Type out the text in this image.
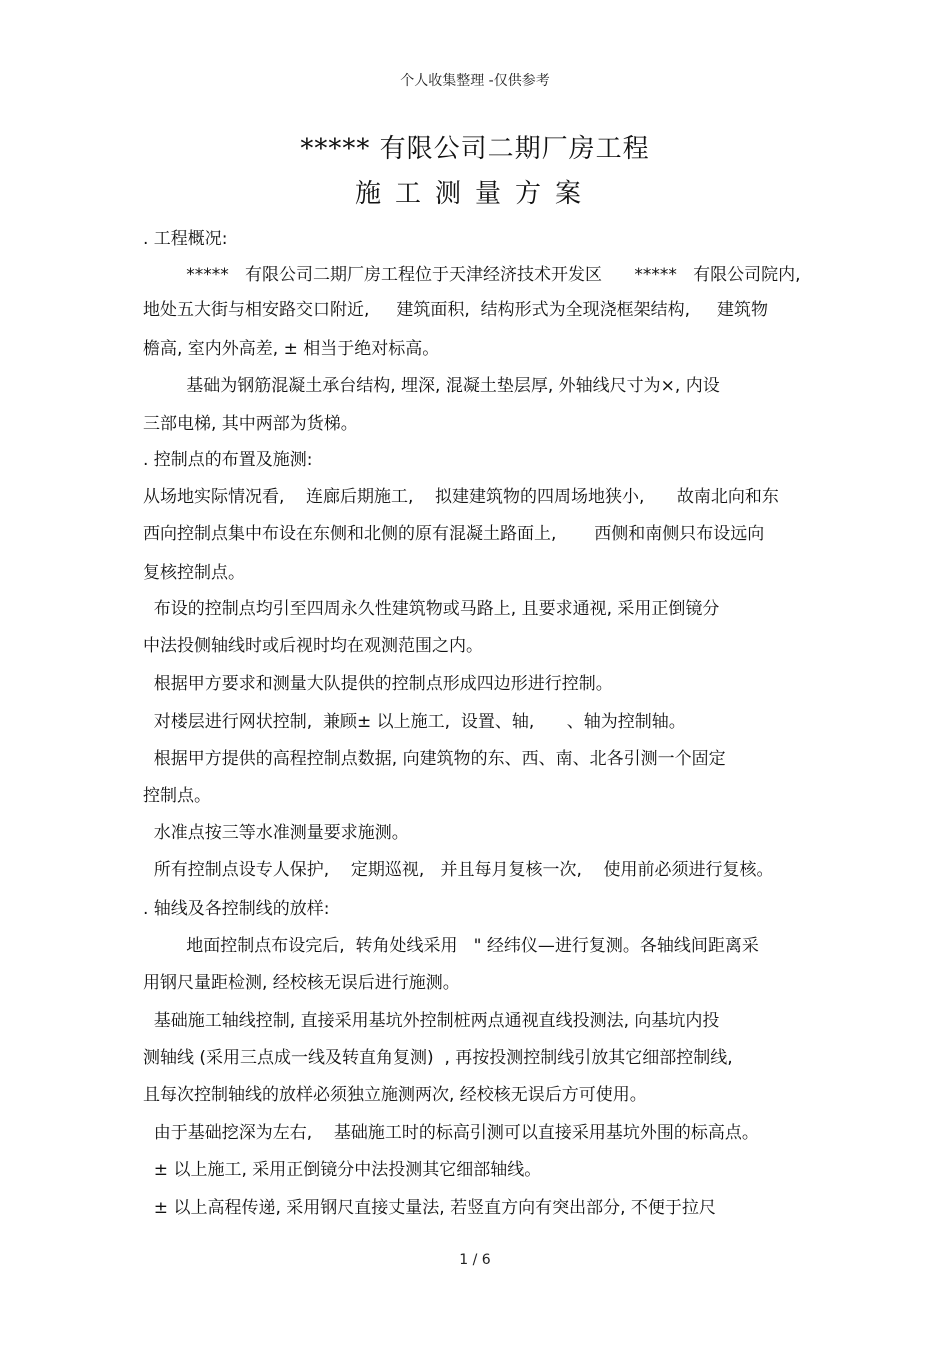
个人收集整理 -仅供参考
***** 有限公司二期厂房工程
施工测量方案
. 工程概况:
*****   有限公司二期厂房工程位于天津经济技术开发区      *****   有限公司院内,
地处五大街与相安路交口附近,     建筑面积,  结构形式为全现浇框架结构,     建筑物
檐高, 室内外高差, ± 相当于绝对标高。
基础为钢筋混凝土承台结构, 埋深, 混凝土垫层厚, 外轴线尺寸为×, 内设
三部电梯, 其中两部为货梯。
. 控制点的布置及施测:
从场地实际情况看,    连廊后期施工,    拟建建筑物的四周场地狭小,      故南北向和东
西向控制点集中布设在东侧和北侧的原有混凝土路面上,       西侧和南侧只布设远向
复核控制点。
布设的控制点均引至四周永久性建筑物或马路上, 且要求通视, 采用正倒镜分
中法投侧轴线时或后视时均在观测范围之内。
根据甲方要求和测量大队提供的控制点形成四边形进行控制。
对楼层进行网状控制,  兼顾± 以上施工,  设置、轴,      、轴为控制轴。
根据甲方提供的高程控制点数据, 向建筑物的东、西、南、北各引测一个固定
控制点。
水准点按三等水准测量要求施测。
所有控制点设专人保护,    定期巡视,   并且每月复核一次,    使用前必须进行复核。
. 轴线及各控制线的放样:
地面控制点布设完后,  转角处线采用   " 经纬仪—进行复测。各轴线间距离采
用钢尺量距检测, 经校核无误后进行施测。
基础施工轴线控制, 直接采用基坑外控制桩两点通视直线投测法, 向基坑内投
测轴线 (采用三点成一线及转直角复测)  , 再按投测控制线引放其它细部控制线,
且每次控制轴线的放样必须独立施测两次, 经校核无误后方可使用。
由于基础挖深为左右,    基础施工时的标高引测可以直接采用基坑外围的标高点。
± 以上施工, 采用正倒镜分中法投测其它细部轴线。
± 以上高程传递, 采用钢尺直接丈量法, 若竖直方向有突出部分, 不便于拉尺
1 / 6
